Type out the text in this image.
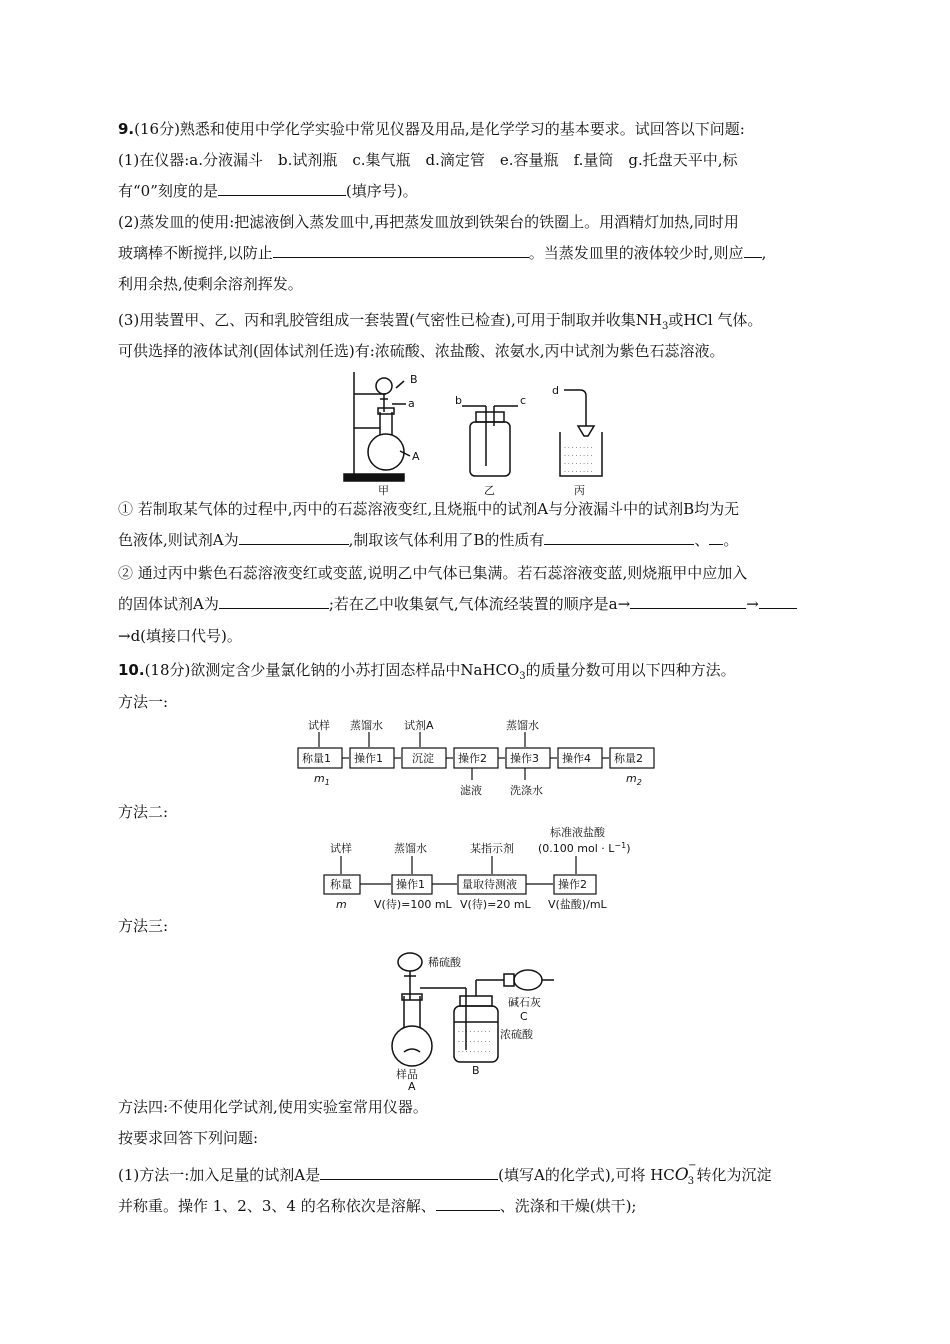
9.(16分)熟悉和使用中学化学实验中常见仪器及用品,是化学学习的基本要求。试回答以下问题:
(1)在仪器:a.分液漏斗　b.试剂瓶　c.集气瓶　d.滴定管　e.容量瓶　f.量筒　g.托盘天平中,标
有“0”刻度的是	(填序号)。
(2)蒸发皿的使用:把滤液倒入蒸发皿中,再把蒸发皿放到铁架台的铁圈上。用酒精灯加热,同时用
玻璃棒不断搅拌,以防止	。当蒸发皿里的液体较少时,则应 ,
利用余热,使剩余溶剂挥发。
(3)用装置甲、乙、丙和乳胶管组成一套装置(气密性已检查),可用于制取并收集$NH_3$或HCl 气体。
可供选择的液体试剂(固体试剂任选)有:浓硫酸、浓盐酸、浓氨水,丙中试剂为紫色石蕊溶液。
B
a
A
b	c
d
甲	乙	丙
· · · · · · · ·
· · · · · · · ·
· · · · · · · ·
· · · · · · · ·
① 若制取某气体的过程中,丙中的石蕊溶液变红,且烧瓶中的试剂A与分液漏斗中的试剂B均为无
色液体,则试剂A为	,制取该气体利用了B的性质有	、 。
② 通过丙中紫色石蕊溶液变红或变蓝,说明乙中气体已集满。若石蕊溶液变蓝,则烧瓶甲中应加入
的固体试剂A为	;若在乙中收集氨气,气体流经装置的顺序是a→	→
→d(填接口代号)。
10.(18分)欲测定含少量氯化钠的小苏打固态样品中NaHCO$_3$的质量分数可用以下四种方法。
方法一:
试样 蒸馏水 试剂A	蒸馏水
称量1 操作1	沉淀 操作2 操作3 操作4 称量2
滤液	洗涤水
$m_1$	$m_2$
方法二:
标准液盐酸
(0.100 mol · $L^{-1}$)
试样	蒸馏水	某指示剂
称量	操作1	量取待测液	操作2
m V(待)=100 mL V(待)=20 mL V(盐酸)/mL
方法三:
稀硫酸
碱石灰
C
浓硫酸
样品
A
B
· · · · · · · · ·
· · · · · · · · ·
· · · · · · · · ·
方法四:不使用化学试剂,使用实验室常用仪器。
按要求回答下列问题:
(1)方法一:加入足量的试剂A是	(填写A的化学式),可将 $HCO_3^-$转化为沉淀
并称重。操作 1、2、3、4 的名称依次是溶解、	、洗涤和干燥(烘干);
